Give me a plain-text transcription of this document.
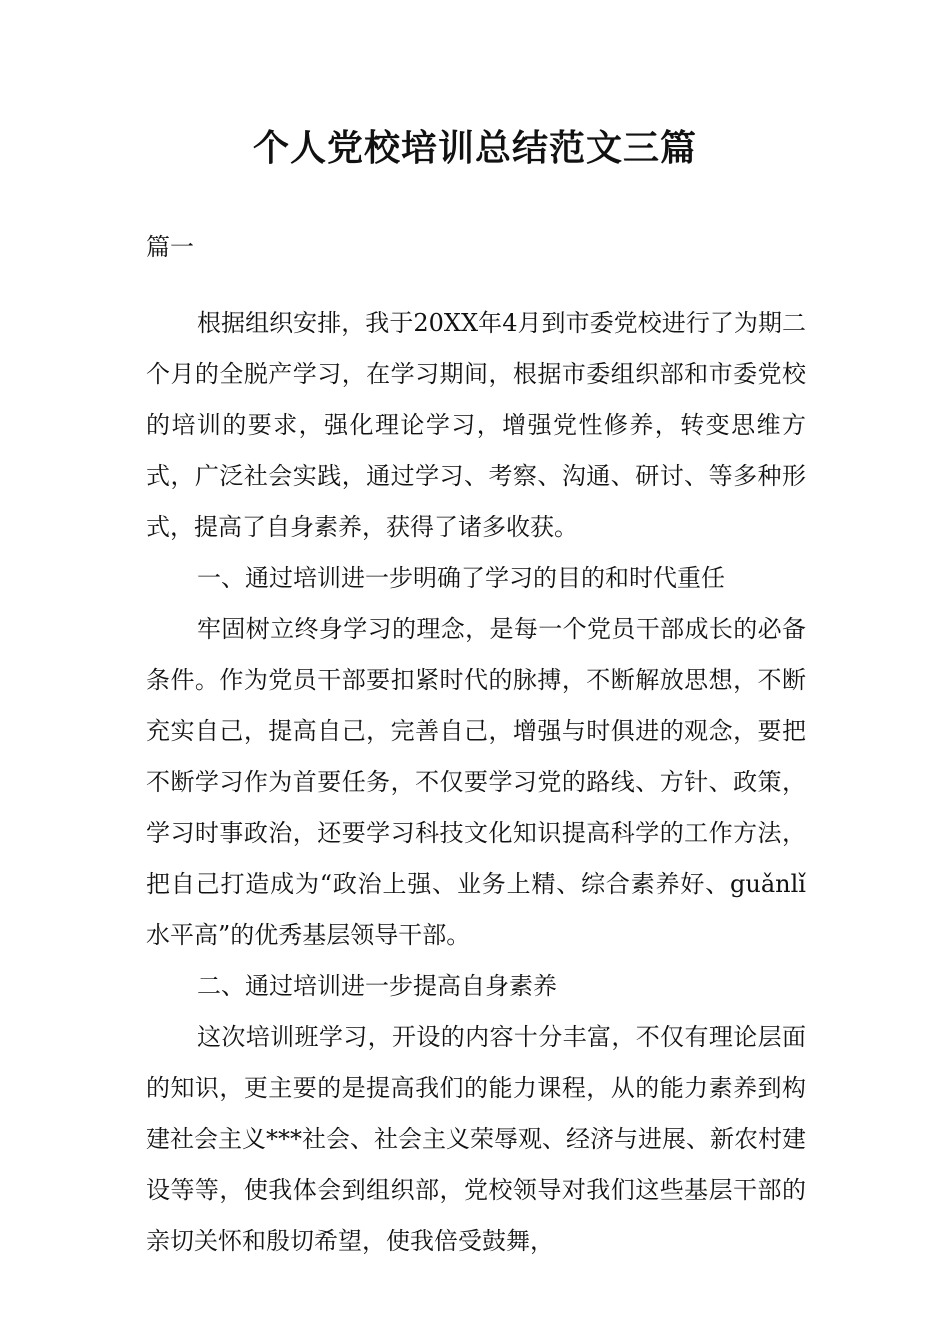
个人党校培训总结范文三篇

篇一

根据组织安排，我于20XX年4月到市委党校进行了为期二个月的全脱产学习，在学习期间，根据市委组织部和市委党校的培训的要求，强化理论学习，增强党性修养，转变思维方式，广泛社会实践，通过学习、考察、沟通、研讨、等多种形式，提高了自身素养，获得了诸多收获。

一、通过培训进一步明确了学习的目的和时代重任

牢固树立终身学习的理念，是每一个党员干部成长的必备条件。作为党员干部要扣紧时代的脉搏，不断解放思想，不断充实自己，提高自己，完善自己，增强与时俱进的观念，要把不断学习作为首要任务，不仅要学习党的路线、方针、政策，学习时事政治，还要学习科技文化知识提高科学的工作方法，把自己打造成为“政治上强、业务上精、综合素养好、guǎnlǐ水平高”的优秀基层领导干部。

二、通过培训进一步提高自身素养

这次培训班学习，开设的内容十分丰富，不仅有理论层面的知识，更主要的是提高我们的能力课程，从的能力素养到构建社会主义***社会、社会主义荣辱观、经济与进展、新农村建设等等，使我体会到组织部，党校领导对我们这些基层干部的亲切关怀和殷切希望，使我倍受鼓舞，
